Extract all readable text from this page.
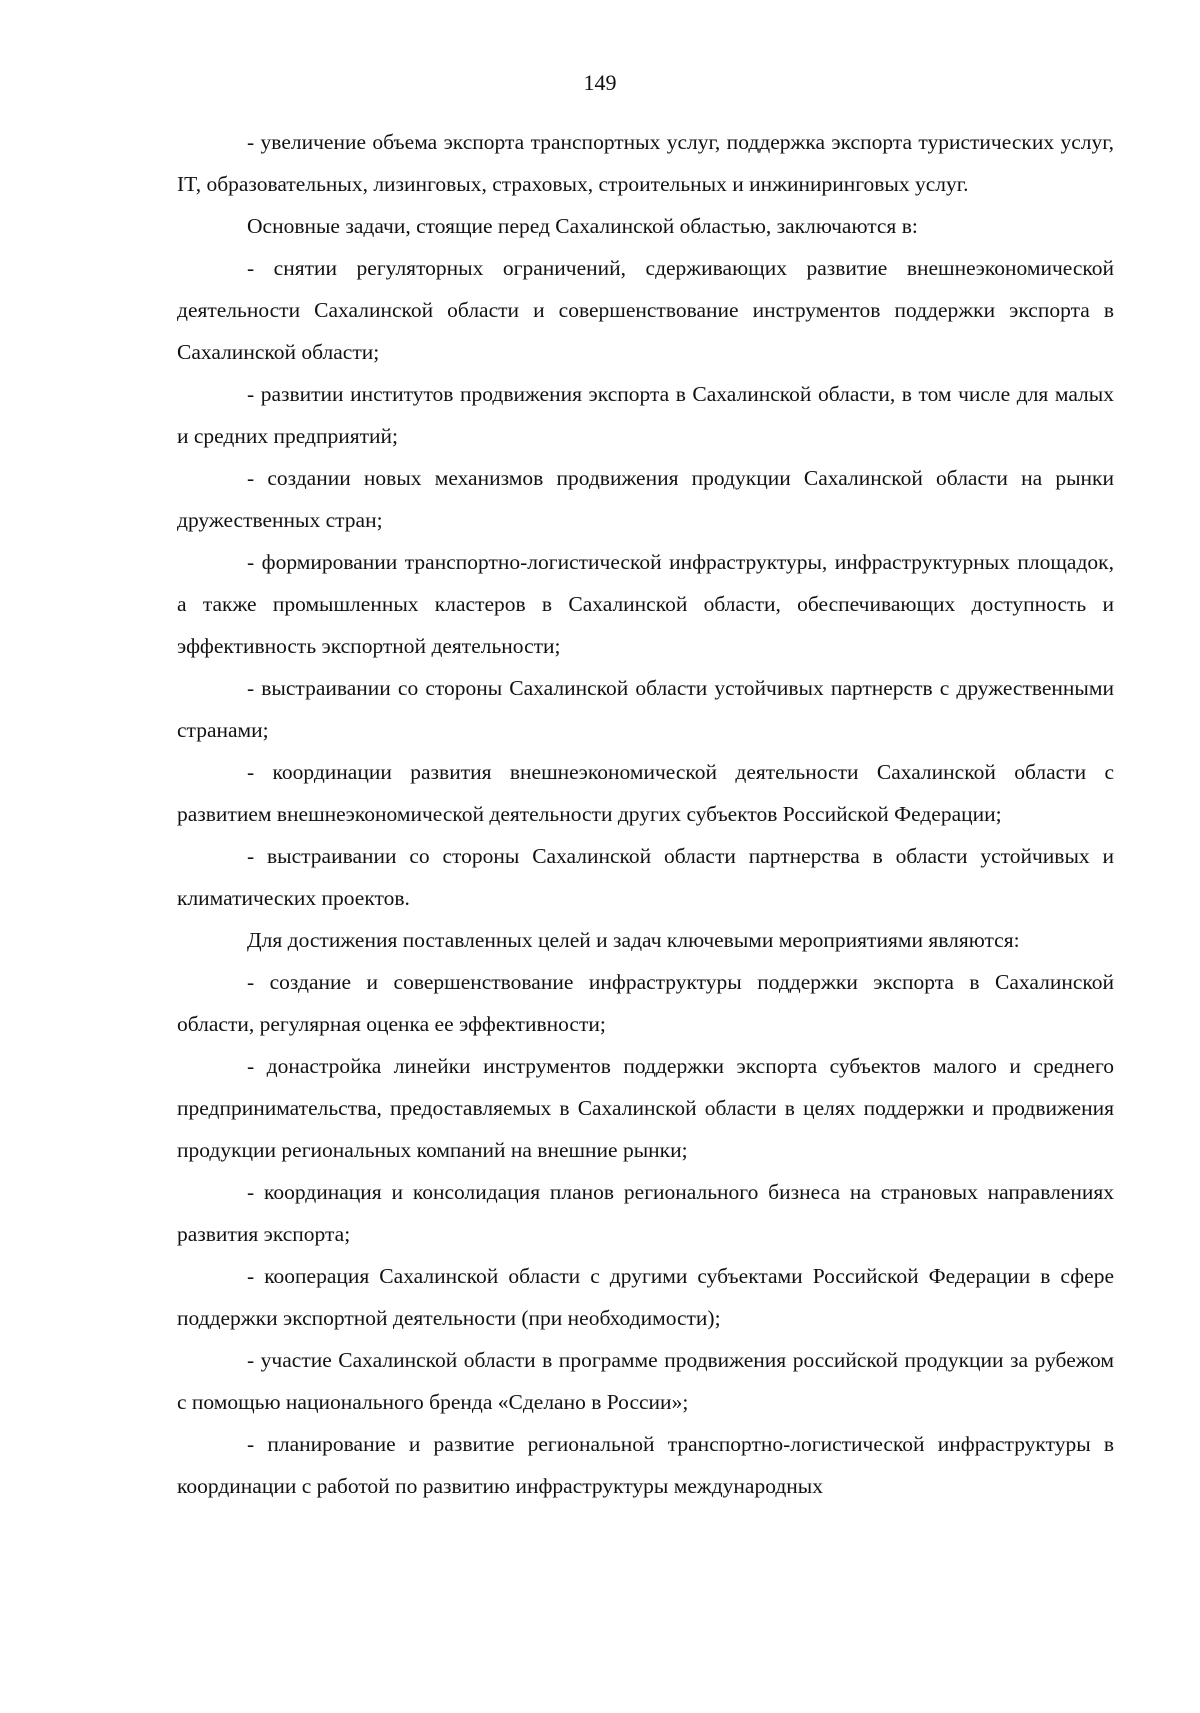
149

- увеличение объема экспорта транспортных услуг, поддержка экспорта туристических услуг, IT, образовательных, лизинговых, страховых, строительных и инжиниринговых услуг.

Основные задачи, стоящие перед Сахалинской областью, заключаются в:

- снятии регуляторных ограничений, сдерживающих развитие внешнеэкономической деятельности Сахалинской области и совершенствование инструментов поддержки экспорта в Сахалинской области;

- развитии институтов продвижения экспорта в Сахалинской области, в том числе для малых и средних предприятий;

- создании новых механизмов продвижения продукции Сахалинской области на рынки дружественных стран;

- формировании транспортно-логистической инфраструктуры, инфраструктурных площадок, а также промышленных кластеров в Сахалинской области, обеспечивающих доступность и эффективность экспортной деятельности;

- выстраивании со стороны Сахалинской области устойчивых партнерств с дружественными странами;

- координации развития внешнеэкономической деятельности Сахалинской области с развитием внешнеэкономической деятельности других субъектов Российской Федерации;

- выстраивании со стороны Сахалинской области партнерства в области устойчивых и климатических проектов.

Для достижения поставленных целей и задач ключевыми мероприятиями являются:

- создание и совершенствование инфраструктуры поддержки экспорта в Сахалинской области, регулярная оценка ее эффективности;

- донастройка линейки инструментов поддержки экспорта субъектов малого и среднего предпринимательства, предоставляемых в Сахалинской области в целях поддержки и продвижения продукции региональных компаний на внешние рынки;

- координация и консолидация планов регионального бизнеса на страновых направлениях развития экспорта;

- кооперация Сахалинской области с другими субъектами Российской Федерации в сфере поддержки экспортной деятельности (при необходимости);

- участие Сахалинской области в программе продвижения российской продукции за рубежом с помощью национального бренда «Сделано в России»;

- планирование и развитие региональной транспортно-логистической инфраструктуры в координации с работой по развитию инфраструктуры международных
